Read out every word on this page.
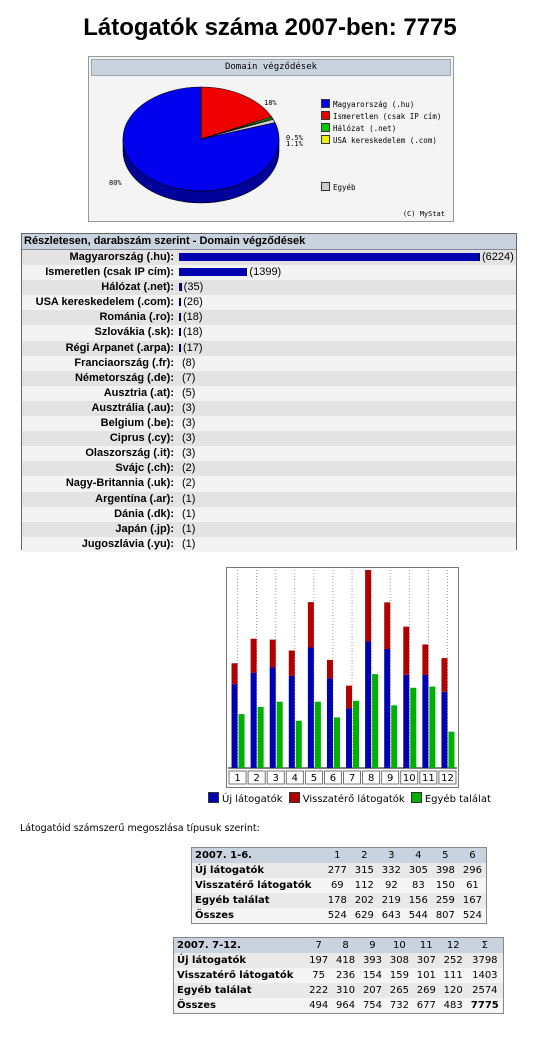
Látogatók száma 2007-ben: 7775
Domain végződések
18%
0.5%
1.1%
80%
Magyarország (.hu)
Ismeretlen (csak IP cím)
Hálózat (.net)
USA kereskedelem (.com)
Egyéb
(C) MyStat
Részletesen, darabszám szerint - Domain végződések
Magyarország (.hu):	(6224)
Ismeretlen (csak IP cím):	(1399)
Hálózat (.net): (35)
USA kereskedelem (.com): (26)
Románia (.ro): (18)
Szlovákia (.sk): (18)
Régi Arpanet (.arpa): (17)
Franciaország (.fr): (8)
Németország (.de): (7)
Ausztria (.at): (5)
Ausztrália (.au): (3)
Belgium (.be): (3)
Ciprus (.cy): (3)
Olaszország (.it): (3)
Svájc (.ch): (2)
Nagy-Britannia (.uk): (2)
Argentína (.ar): (1)
Dánia (.dk): (1)
Japán (.jp): (1)
Jugoszlávia (.yu): (1)
1 2 3 4 5 6 7 8 9 10 11 12
Új látogatók Visszatérő látogatók Egyéb találat
Látogatóid számszerű megoszlása típusuk szerint:
2007. 1-6.	1	2	3	4	5	6
Új látogatók	277	315	332	305	398	296
Visszatérő látogatók	69	112	92	83	150	61
Egyéb találat	178	202	219	156	259	167
Összes	524	629	643	544	807	524
2007. 7-12.	7	8	9	10	11	12	Σ
Új látogatók	197	418	393	308	307	252	3798
Visszatérő látogatók	75	236	154	159	101	111	1403
Egyéb találat	222	310	207	265	269	120	2574
Összes	494	964	754	732	677	483	7775
